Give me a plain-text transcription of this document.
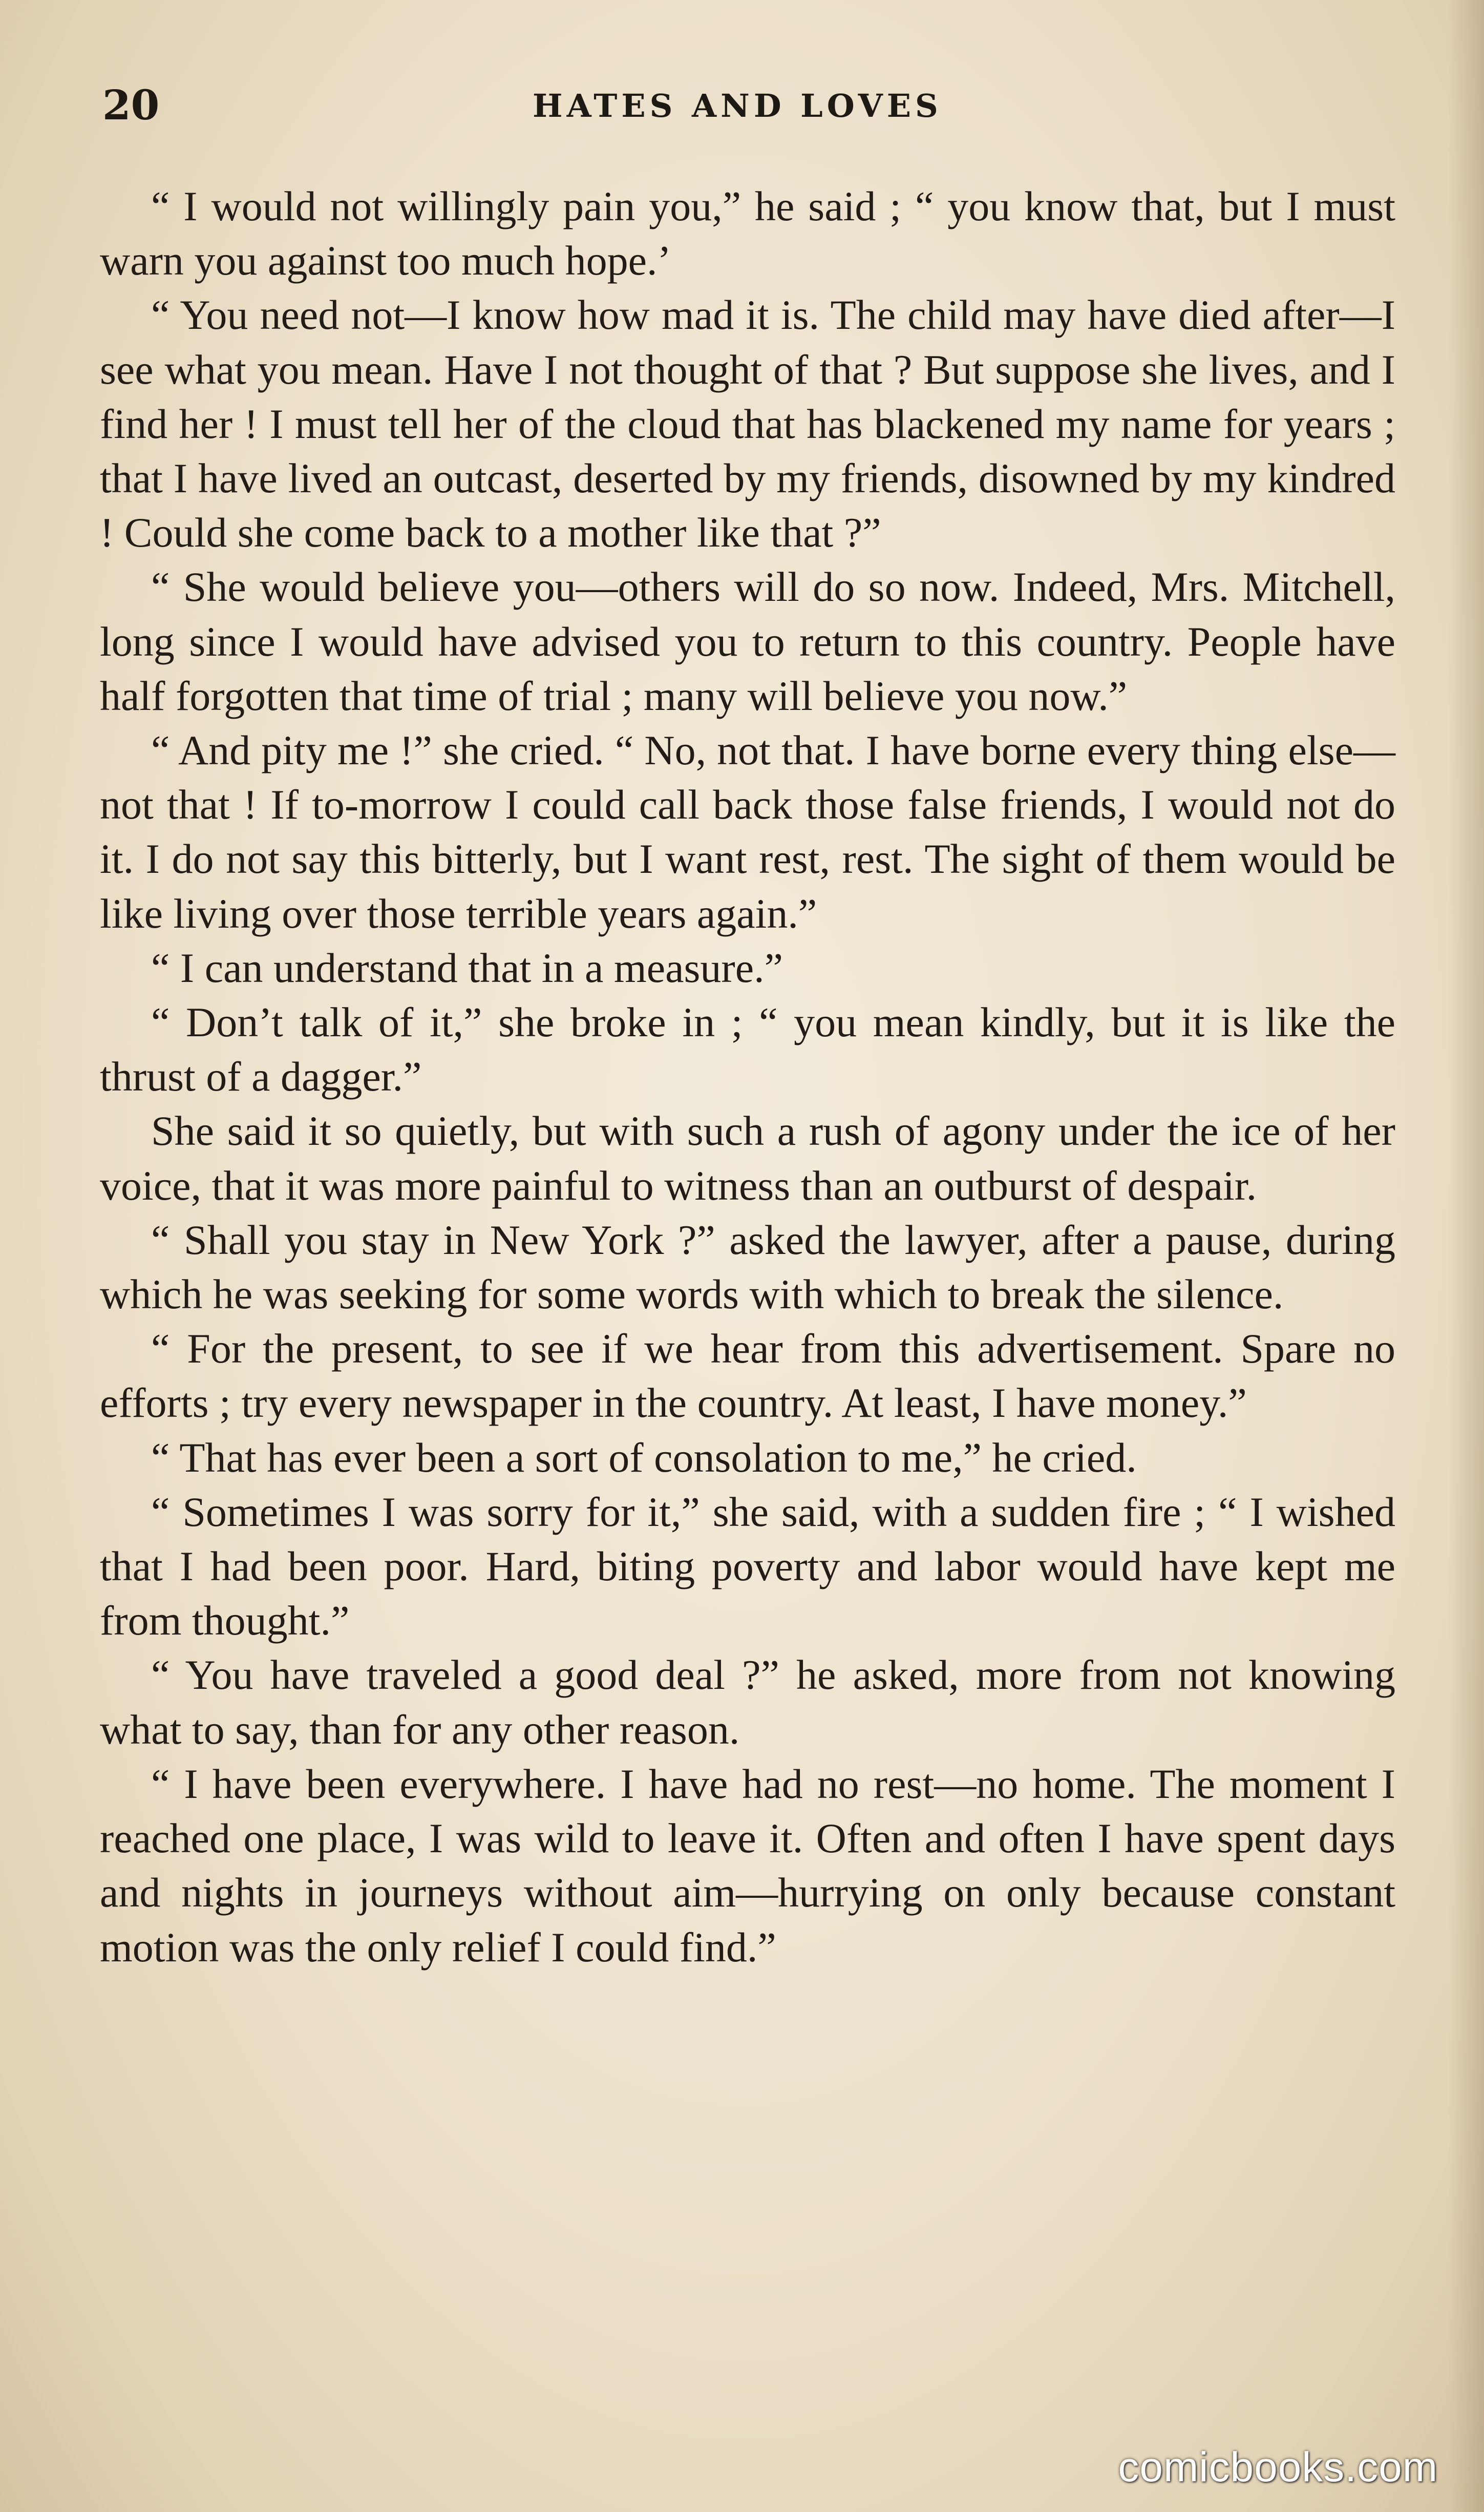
20	HATES AND LOVES

“ I would not willingly pain you,” he said ; “ you know that, but I must warn you against too much hope.’

“ You need not—I know how mad it is. The child may have died after—I see what you mean. Have I not thought of that ? But suppose she lives, and I find her ! I must tell her of the cloud that has blackened my name for years ; that I have lived an outcast, deserted by my friends, disowned by my kindred ! Could she come back to a mother like that ?”

“ She would believe you—others will do so now. Indeed, Mrs. Mitchell, long since I would have advised you to return to this country. People have half forgotten that time of trial ; many will believe you now.”

“ And pity me !” she cried. “ No, not that. I have borne every thing else—not that ! If to-morrow I could call back those false friends, I would not do it. I do not say this bitterly, but I want rest, rest. The sight of them would be like living over those terrible years again.”

“ I can understand that in a measure.”

“ Don’t talk of it,” she broke in ; “ you mean kindly, but it is like the thrust of a dagger.”

She said it so quietly, but with such a rush of agony under the ice of her voice, that it was more painful to witness than an outburst of despair.

“ Shall you stay in New York ?” asked the lawyer, after a pause, during which he was seeking for some words with which to break the silence.

“ For the present, to see if we hear from this advertisement. Spare no efforts ; try every newspaper in the country. At least, I have money.”

“ That has ever been a sort of consolation to me,” he cried.

“ Sometimes I was sorry for it,” she said, with a sudden fire ; “ I wished that I had been poor. Hard, biting poverty and labor would have kept me from thought.”

“ You have traveled a good deal ?” he asked, more from not knowing what to say, than for any other reason.

“ I have been everywhere. I have had no rest—no home. The moment I reached one place, I was wild to leave it. Often and often I have spent days and nights in journeys without aim—hurrying on only because constant motion was the only relief I could find.”

comicbooks.com
